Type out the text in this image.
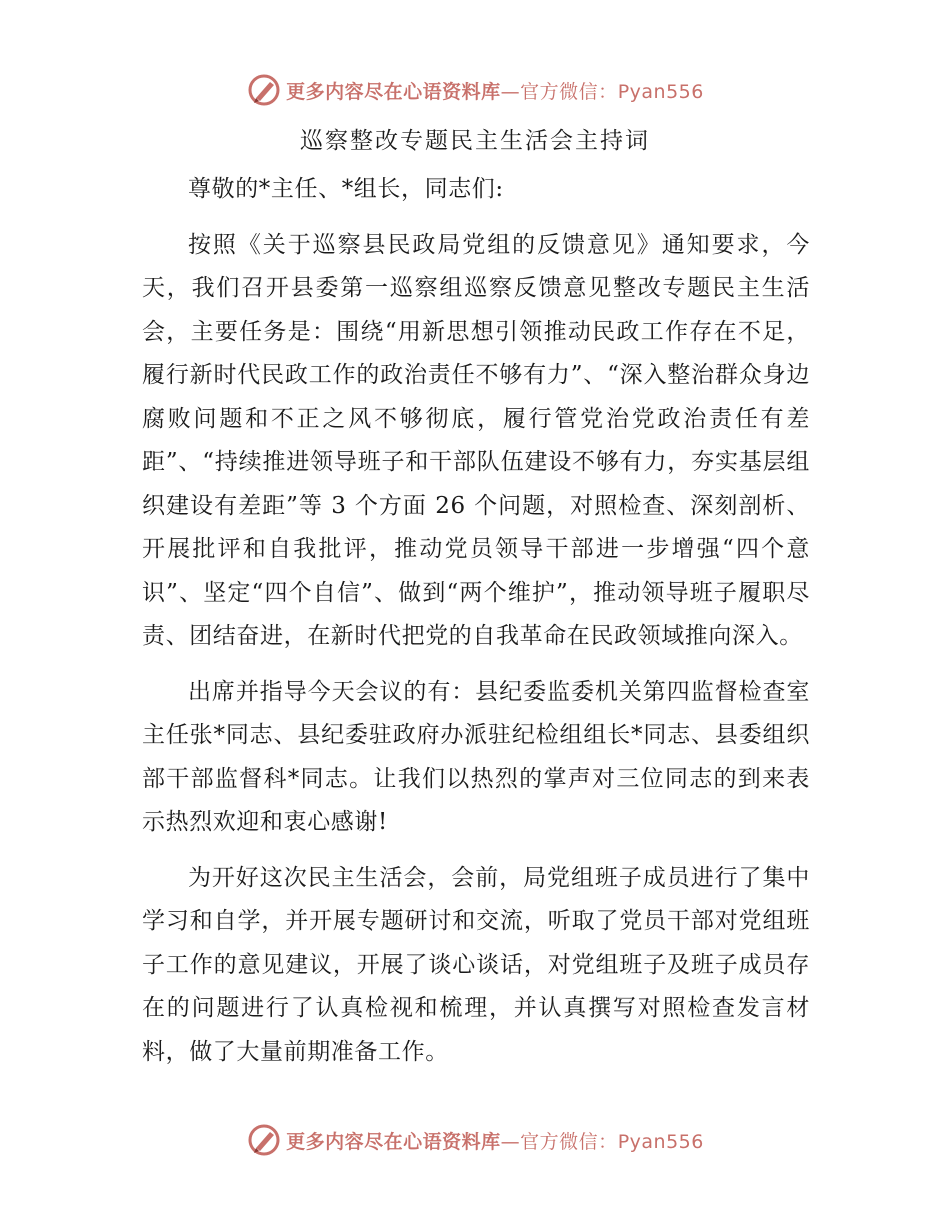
更多内容尽在心语资料库—官方微信：Pyan556
巡察整改专题民主生活会主持词

尊敬的*主任、*组长，同志们:

按照《关于巡察县民政局党组的反馈意见》通知要求，今天，我们召开县委第一巡察组巡察反馈意见整改专题民主生活会，主要任务是：围绕“用新思想引领推动民政工作存在不足，履行新时代民政工作的政治责任不够有力”、“深入整治群众身边腐败问题和不正之风不够彻底，履行管党治党政治责任有差距”、“持续推进领导班子和干部队伍建设不够有力，夯实基层组织建设有差距”等 3 个方面 26 个问题，对照检查、深刻剖析、开展批评和自我批评，推动党员领导干部进一步增强“四个意识”、坚定“四个自信”、做到“两个维护”，推动领导班子履职尽责、团结奋进，在新时代把党的自我革命在民政领域推向深入。

出席并指导今天会议的有：县纪委监委机关第四监督检查室主任张*同志、县纪委驻政府办派驻纪检组组长*同志、县委组织部干部监督科*同志。让我们以热烈的掌声对三位同志的到来表示热烈欢迎和衷心感谢!

为开好这次民主生活会，会前，局党组班子成员进行了集中学习和自学，并开展专题研讨和交流，听取了党员干部对党组班子工作的意见建议，开展了谈心谈话，对党组班子及班子成员存在的问题进行了认真检视和梳理，并认真撰写对照检查发言材料，做了大量前期准备工作。

更多内容尽在心语资料库—官方微信：Pyan556
